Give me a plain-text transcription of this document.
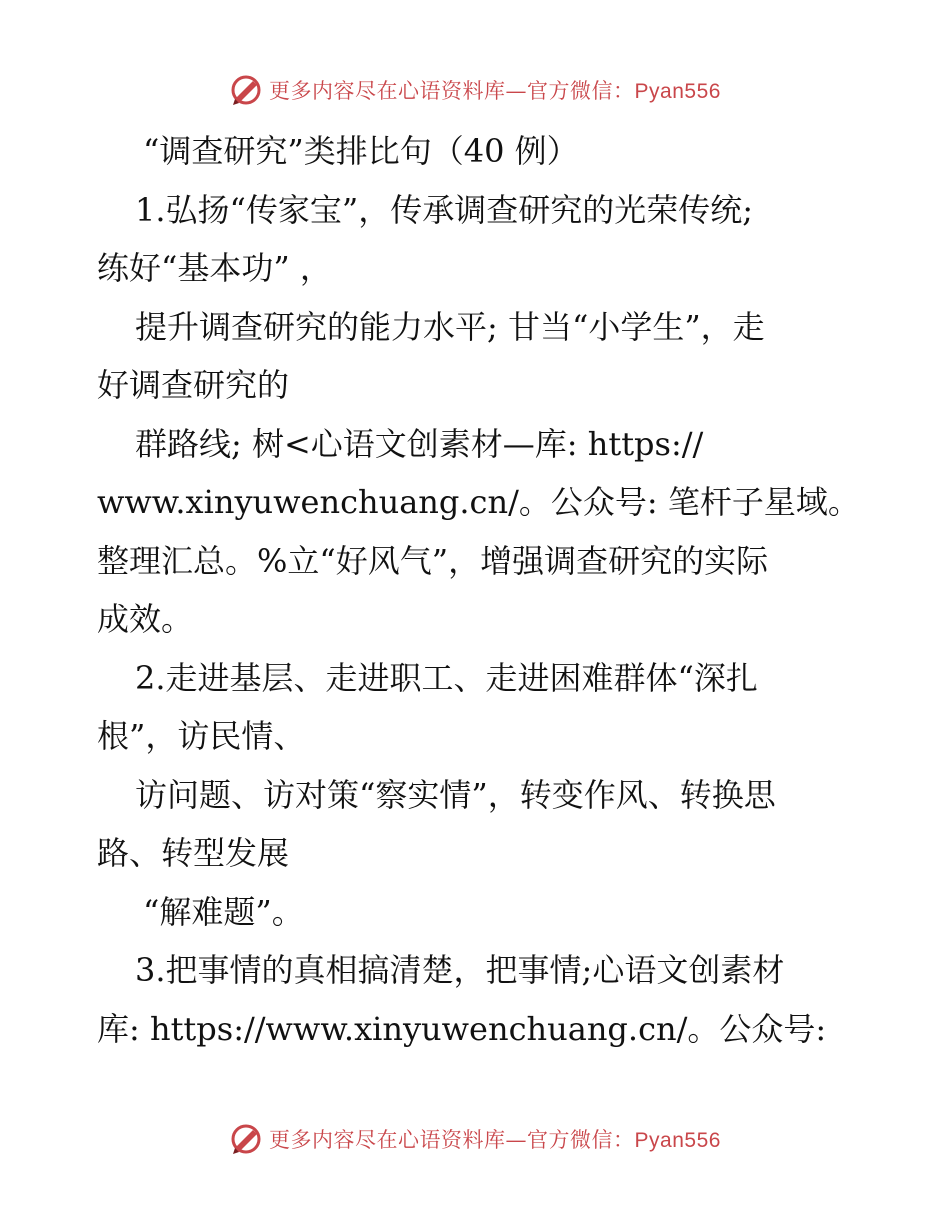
更多内容尽在心语资料库—官方微信：Pyan556
“调查研究”类排比句（40 例）
1.弘扬“传家宝”，传承调查研究的光荣传统;
练好“基本功” ，
提升调查研究的能力水平; 甘当“小学生”，走
好调查研究的
群路线; 树<心语文创素材—库: https://
www.xinyuwenchuang.cn/。公众号: 笔杆子星域。
整理汇总。%立“好风气”，增强调查研究的实际
成效。
2.走进基层、走进职工、走进困难群体“深扎
根”，访民情、
访问题、访对策“察实情”，转变作风、转换思
路、转型发展
“解难题”。
3.把事情的真相搞清楚，把事情;心语文创素材
库: https://www.xinyuwenchuang.cn/。公众号:
更多内容尽在心语资料库—官方微信：Pyan556
